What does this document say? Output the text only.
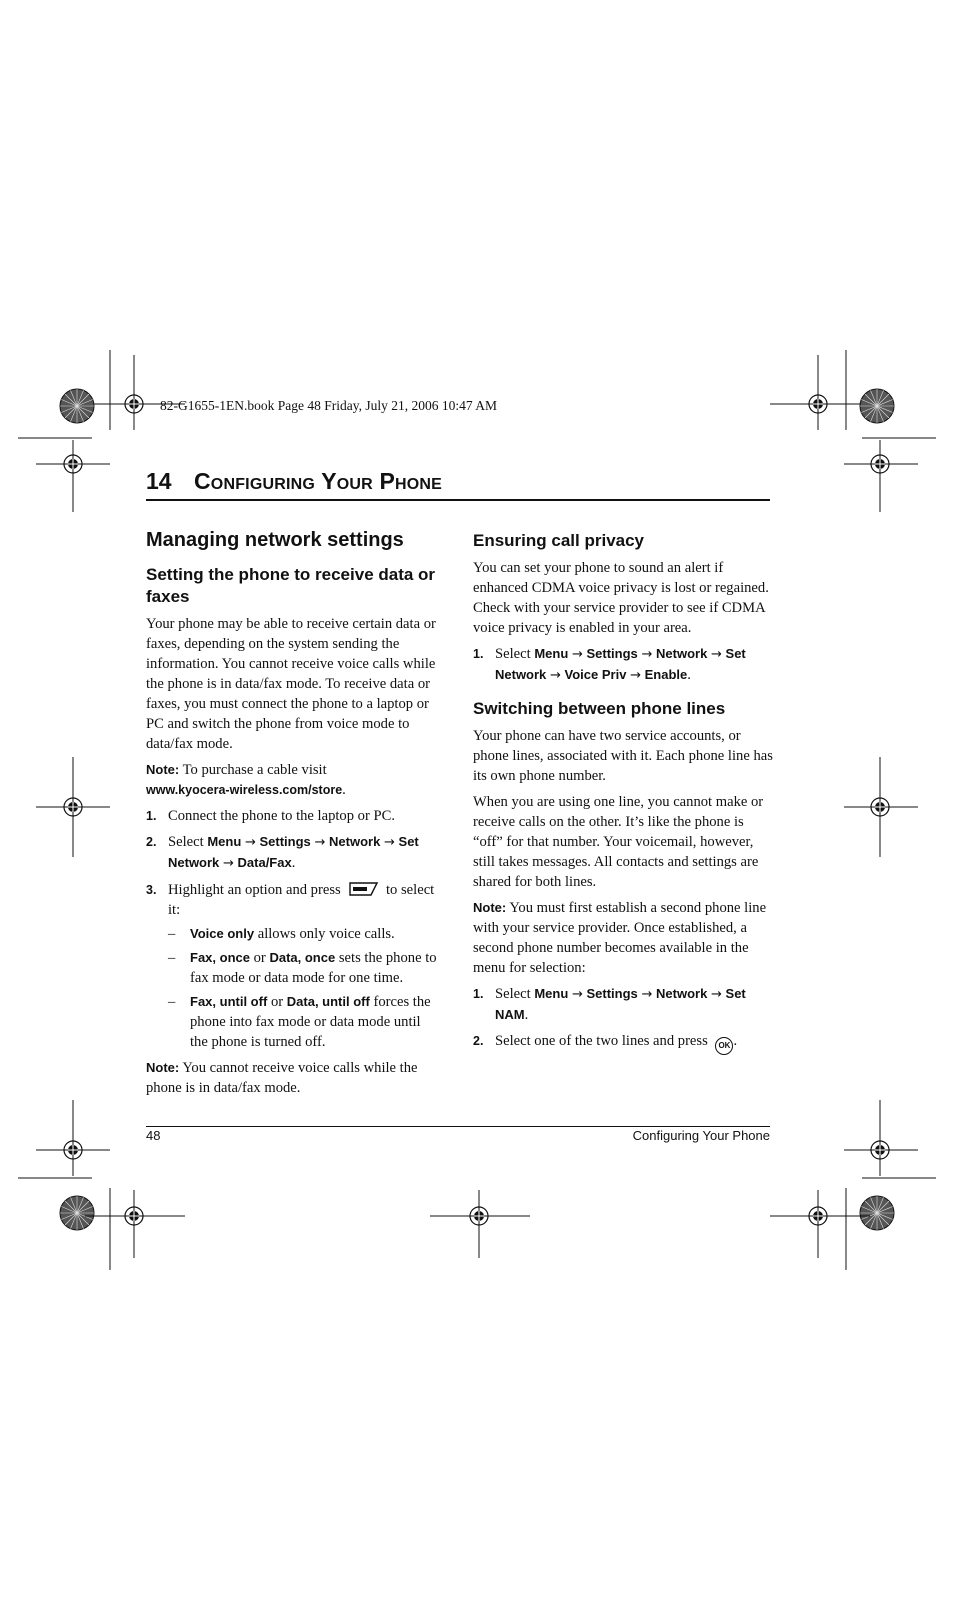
82-G1655-1EN.book Page 48 Friday, July 21, 2006 10:47 AM
14 Configuring Your Phone
Managing network settings
Setting the phone to receive data or faxes

Your phone may be able to receive certain data or faxes, depending on the system sending the information. You cannot receive voice calls while the phone is in data/fax mode. To receive data or faxes, you must connect the phone to a laptop or PC and switch the phone from voice mode to data/fax mode.

Note: To purchase a cable visit
www.kyocera-wireless.com/store.

1. Connect the phone to the laptop or PC.
2. Select Menu → Settings → Network → Set Network → Data/Fax.
3. Highlight an option and press	to select it:
– Voice only allows only voice calls.
– Fax, once or Data, once sets the phone to fax mode or data mode for one time.
– Fax, until off or Data, until off forces the phone into fax mode or data mode until the phone is turned off.

Note: You cannot receive voice calls while the phone is in data/fax mode.

Ensuring call privacy

You can set your phone to sound an alert if enhanced CDMA voice privacy is lost or regained. Check with your service provider to see if CDMA voice privacy is enabled in your area.

1. Select Menu → Settings → Network → Set Network → Voice Priv → Enable.
Switching between phone lines

Your phone can have two service accounts, or phone lines, associated with it. Each phone line has its own phone number.

When you are using one line, you cannot make or receive calls on the other. It’s like the phone is “off” for that number. Your voicemail, however, still takes messages. All contacts and settings are shared for both lines.

Note: You must first establish a second phone line with your service provider. Once established, a second phone number becomes available in the menu for selection:

1. Select Menu → Settings → Network → Set NAM.
2. Select one of the two lines and press OK .
48	Configuring Your Phone
